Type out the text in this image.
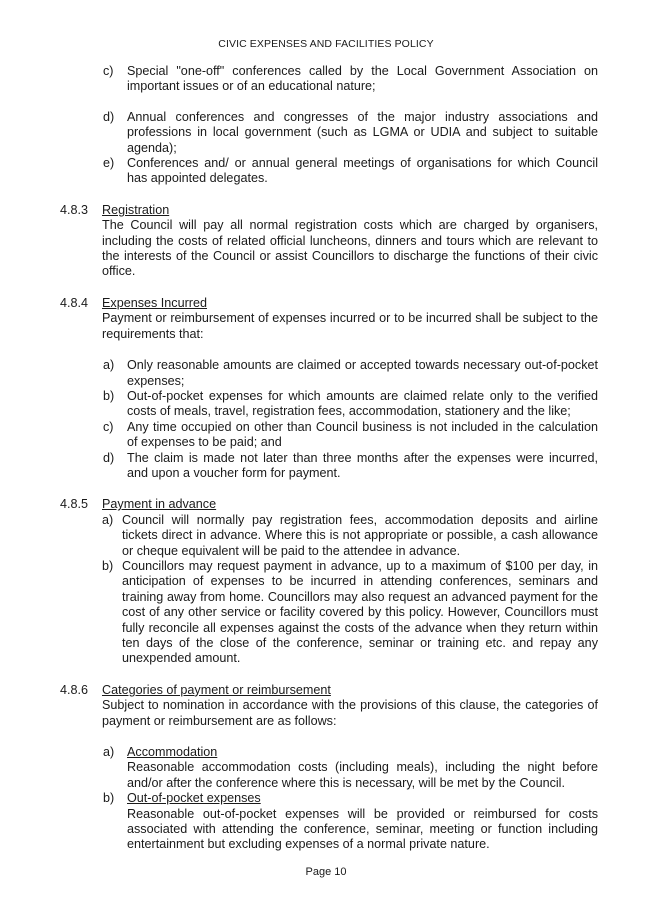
CIVIC EXPENSES AND FACILITIES POLICY
c)	Special "one-off" conferences called by the Local Government Association on important issues or of an educational nature;
d)	Annual conferences and congresses of the major industry associations and professions in local government (such as LGMA or UDIA and subject to suitable agenda);
e)	Conferences and/ or annual general meetings of organisations for which Council has appointed delegates.
4.8.3	Registration

The Council will pay all normal registration costs which are charged by organisers, including the costs of related official luncheons, dinners and tours which are relevant to the interests of the Council or assist Councillors to discharge the functions of their civic office.

4.8.4	Expenses Incurred

Payment or reimbursement of expenses incurred or to be incurred shall be subject to the requirements that:

a)	Only reasonable amounts are claimed or accepted towards necessary out-of-pocket expenses;
b)	Out-of-pocket expenses for which amounts are claimed relate only to the verified costs of meals, travel, registration fees, accommodation, stationery and the like;
c)	Any time occupied on other than Council business is not included in the calculation of expenses to be paid; and
d)	The claim is made not later than three months after the expenses were incurred, and upon a voucher form for payment.
4.8.5	Payment in advance

a) Council will normally pay registration fees, accommodation deposits and airline tickets direct in advance. Where this is not appropriate or possible, a cash allowance or cheque equivalent will be paid to the attendee in advance.
b) Councillors may request payment in advance, up to a maximum of $100 per day, in anticipation of expenses to be incurred in attending conferences, seminars and training away from home. Councillors may also request an advanced payment for the cost of any other service or facility covered by this policy. However, Councillors must fully reconcile all expenses against the costs of the advance when they return within ten days of the close of the conference, seminar or training etc. and repay any unexpended amount.
4.8.6	Categories of payment or reimbursement

Subject to nomination in accordance with the provisions of this clause, the categories of payment or reimbursement are as follows:

a)	Accommodation

Reasonable accommodation costs (including meals), including the night before and/or after the conference where this is necessary, will be met by the Council.

b)	Out-of-pocket expenses

Reasonable out-of-pocket expenses will be provided or reimbursed for costs associated with attending the conference, seminar, meeting or function including entertainment but excluding expenses of a normal private nature.

Page 10
